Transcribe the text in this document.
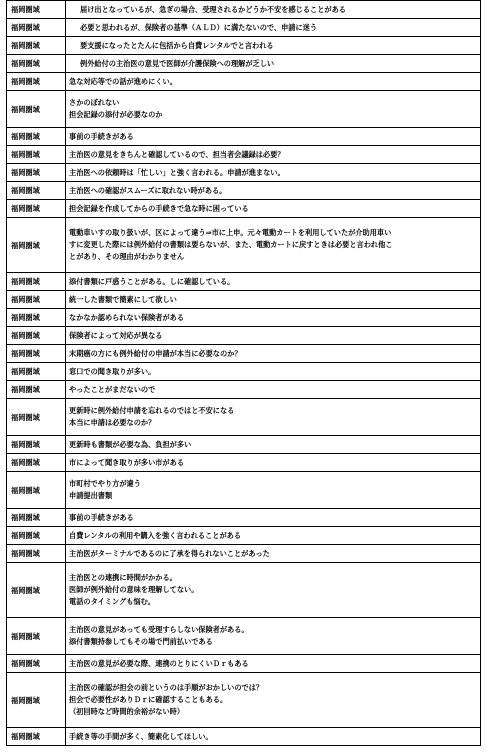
福岡圏域	届け出となっているが、急ぎの場合、受理されるかどうか不安を感じることがある

福岡圏域	必要と思われるが、保険者の基準（ＡＬＤ）に満たないので、申請に迷う

福岡圏域	要支援になったとたんに包括から自費レンタルでと言われる

福岡圏域	例外給付の主治医の意見で医師が介護保険への理解が乏しい

福岡圏域	急な対応等での話が進めにくい。

福岡圏域	さかのぼれない
担会記録の添付が必要なのか

福岡圏域	事前の手続きがある

福岡圏域	主治医の意見をきちんと確認しているので、担当者会議録は必要？

福岡圏域	主治医への依頼時は「忙しい」と強く言われる。申請が進まない。

福岡圏域	主治医への確認がスムーズに取れない時がある。

福岡圏域	担会記録を作成してからの手続きで急な時に困っている

福岡圏域	電動車いすの取り扱いが、区によって違う⇒市に上申。元々電動カートを利用していたが介助用車い
すに変更した際には例外給付の書類は要らないが、また、電動カートに戻すときは必要と言われ他こ
とがあり、その理由がわかりません

福岡圏域	添付書類に戸惑うことがある。しに確認している。

福岡圏域	統一した書類で簡素にして欲しい

福岡圏域	なかなか認められない保険者がある

福岡圏域	保険者によって対応が異なる

福岡圏域	末期癌の方にも例外給付の申請が本当に必要なのか？

福岡圏域	窓口での聞き取りが多い。

福岡圏域	やったことがまだないので

福岡圏域	更新時に例外給付申請を忘れるのではと不安になる
本当に申請は必要なのか？

福岡圏域	更新時も書類が必要な為、負担が多い

福岡圏域	市によって聞き取りが多い市がある

福岡圏域	市町村でやり方が違う
申請提出書類

福岡圏域	事前の手続きがある

福岡圏域	自費レンタルの利用や購入を強く言われることがある

福岡圏域	主治医がターミナルであるのに了承を得られないことがあった

福岡圏域	主治医との連携に時間がかかる。
医師が例外給付の意味を理解してない。
電話のタイミングも悩む。

福岡圏域	主治医の意見があっても受理すらしない保険者がある。
添付書類持参してもその場で門前払いである

福岡圏域	主治医の意見が必要な際、連携のとりにくいＤｒもある

福岡圏域	主治医の確認が担会の前というのは手順がおかしいのでは？
担会で必要性がありＤｒに確認することもある。
（初回時など時間的余裕がない時）

福岡圏域	手続き等の手間が多く、簡素化してほしい。
